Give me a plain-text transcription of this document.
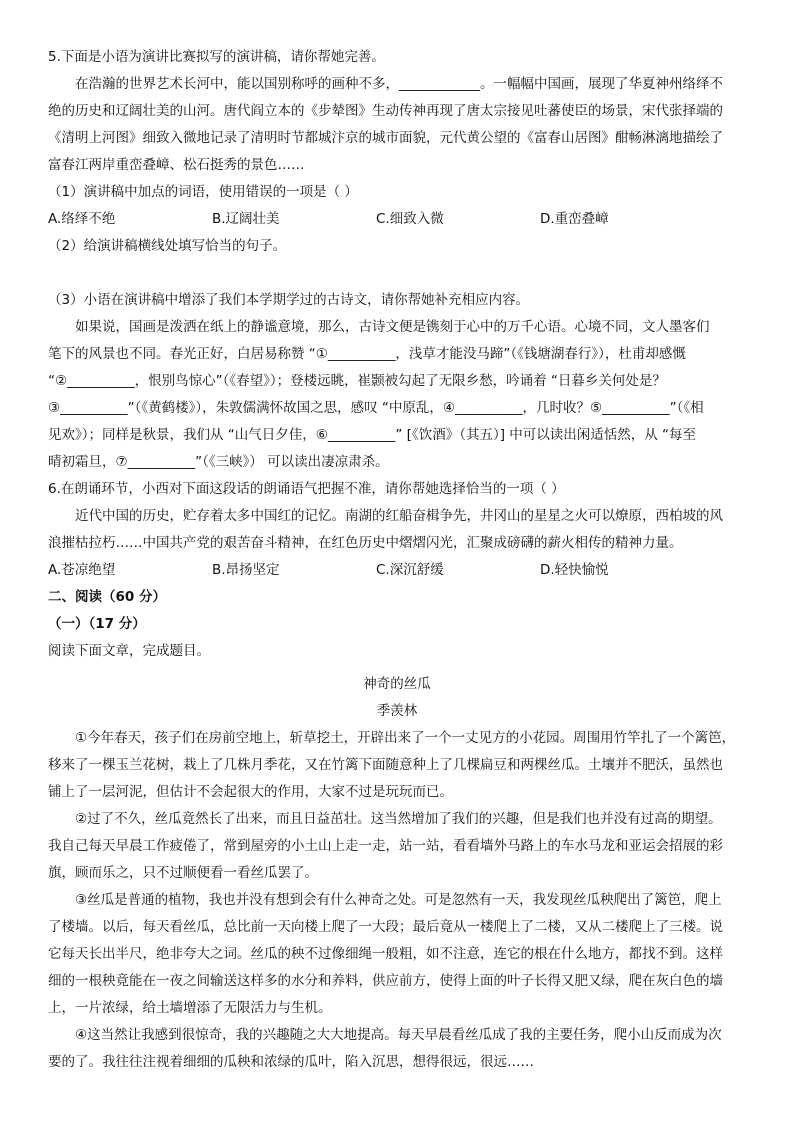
5.下面是小语为演讲比赛拟写的演讲稿，请你帮她完善。
在浩瀚的世界艺术长河中，能以国别称呼的画种不多，____________。一幅幅中国画，展现了华夏神州络绎不
绝的历史和辽阔壮美的山河。唐代阎立本的《步辇图》生动传神再现了唐太宗接见吐蕃使臣的场景，宋代张择端的
《清明上河图》细致入微地记录了清明时节都城汴京的城市面貌，元代黄公望的《富春山居图》酣畅淋漓地描绘了
富春江两岸重峦叠嶂、松石挺秀的景色……
（1）演讲稿中加点的词语，使用错误的一项是（ ）
A.络绎不绝	B.辽阔壮美	C.细致入微	D.重峦叠嶂
（2）给演讲稿横线处填写恰当的句子。
（3）小语在演讲稿中增添了我们本学期学过的古诗文，请你帮她补充相应内容。
如果说，国画是泼洒在纸上的静谧意境，那么，古诗文便是镌刻于心中的万千心语。心境不同，文人墨客们
笔下的风景也不同。春光正好，白居易称赞 “①__________，浅草才能没马蹄”（《钱塘湖春行》），杜甫却感慨
“②__________，恨别鸟惊心”（《春望》）；登楼远眺，崔颢被勾起了无限乡愁，吟诵着 “日暮乡关何处是？
③__________”（《黄鹤楼》），朱敦儒满怀故国之思，感叹 “中原乱，④__________，几时收？⑤__________”（《相
见欢》）；同样是秋景，我们从 “山气日夕佳，⑥__________” [《饮酒》（其五）] 中可以读出闲适恬然，从 “每至
晴初霜旦，⑦__________”（《三峡》） 可以读出凄凉肃杀。
6.在朗诵环节，小西对下面这段话的朗诵语气把握不准，请你帮她选择恰当的一项（ ）
近代中国的历史，贮存着太多中国红的记忆。南湖的红船奋楫争先，井冈山的星星之火可以燎原，西柏坡的风
浪摧枯拉朽……中国共产党的艰苦奋斗精神，在红色历史中熠熠闪光，汇聚成磅礴的薪火相传的精神力量。
A.苍凉绝望	B.昂扬坚定	C.深沉舒缓	D.轻快愉悦
二、阅读（60 分）
（一）（17 分）
阅读下面文章，完成题目。
神奇的丝瓜
季羡林
①今年春天，孩子们在房前空地上，斩草挖土，开辟出来了一个一丈见方的小花园。周围用竹竿扎了一个篱笆，
移来了一棵玉兰花树，栽上了几株月季花，又在竹篱下面随意种上了几棵扁豆和两棵丝瓜。土壤并不肥沃，虽然也
铺上了一层河泥，但估计不会起很大的作用，大家不过是玩玩而已。
②过了不久，丝瓜竟然长了出来，而且日益茁壮。这当然增加了我们的兴趣，但是我们也并没有过高的期望。
我自己每天早晨工作疲倦了，常到屋旁的小土山上走一走，站一站，看看墙外马路上的车水马龙和亚运会招展的彩
旗，顾而乐之，只不过顺便看一看丝瓜罢了。
③丝瓜是普通的植物，我也并没有想到会有什么神奇之处。可是忽然有一天，我发现丝瓜秧爬出了篱笆，爬上
了楼墙。以后，每天看丝瓜，总比前一天向楼上爬了一大段；最后竟从一楼爬上了二楼，又从二楼爬上了三楼。说
它每天长出半尺，绝非夸大之词。丝瓜的秧不过像细绳一般粗，如不注意，连它的根在什么地方，都找不到。这样
细的一根秧竟能在一夜之间输送这样多的水分和养料，供应前方，使得上面的叶子长得又肥又绿，爬在灰白色的墙
上，一片浓绿，给土墙增添了无限活力与生机。
④这当然让我感到很惊奇，我的兴趣随之大大地提高。每天早晨看丝瓜成了我的主要任务，爬小山反而成为次
要的了。我往往注视着细细的瓜秧和浓绿的瓜叶，陷入沉思，想得很远，很远……
